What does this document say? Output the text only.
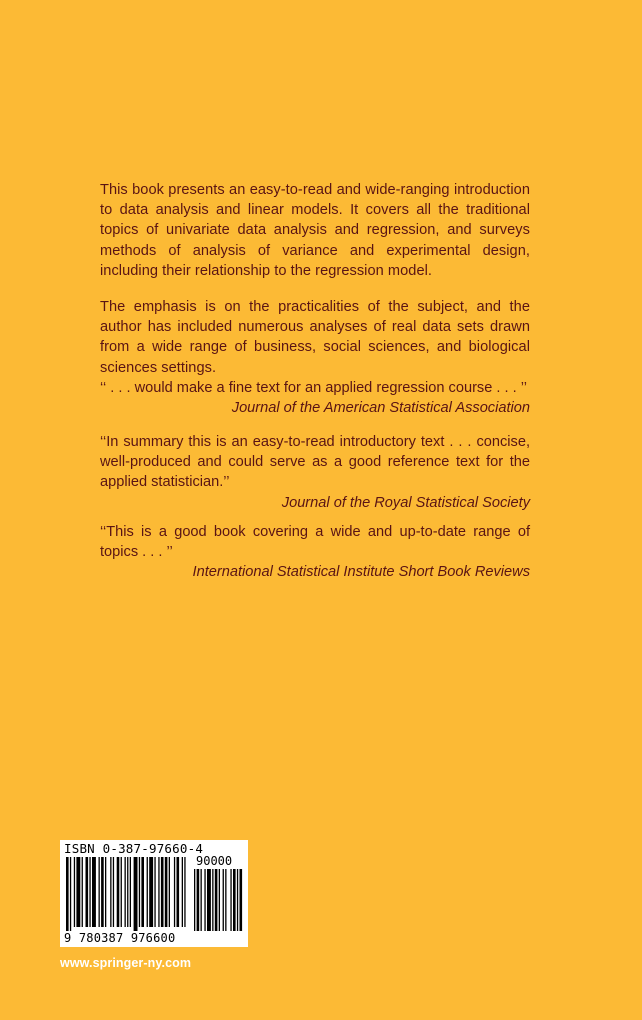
This book presents an easy-to-read and wide-ranging introduction to data analysis and linear models. It covers all the traditional topics of univariate data analysis and regression, and surveys methods of analysis of variance and experimental design, including their relationship to the regression model.

The emphasis is on the practicalities of the subject, and the author has included numerous analyses of real data sets drawn from a wide range of business, social sciences, and biological sciences settings.

‘‘ . . . would make a fine text for an applied regression course . . . ’’
Journal of the American Statistical Association
‘‘In summary this is an easy-to-read introductory text . . . concise, well-produced and could serve as a good reference text for the applied statistician.’’
Journal of the Royal Statistical Society
‘‘This is a good book covering a wide and up-to-date range of topics . . . ’’
International Statistical Institute Short Book Reviews
ISBN 0-387-97660-4
90000
9 780387 976600
www.springer-ny.com
